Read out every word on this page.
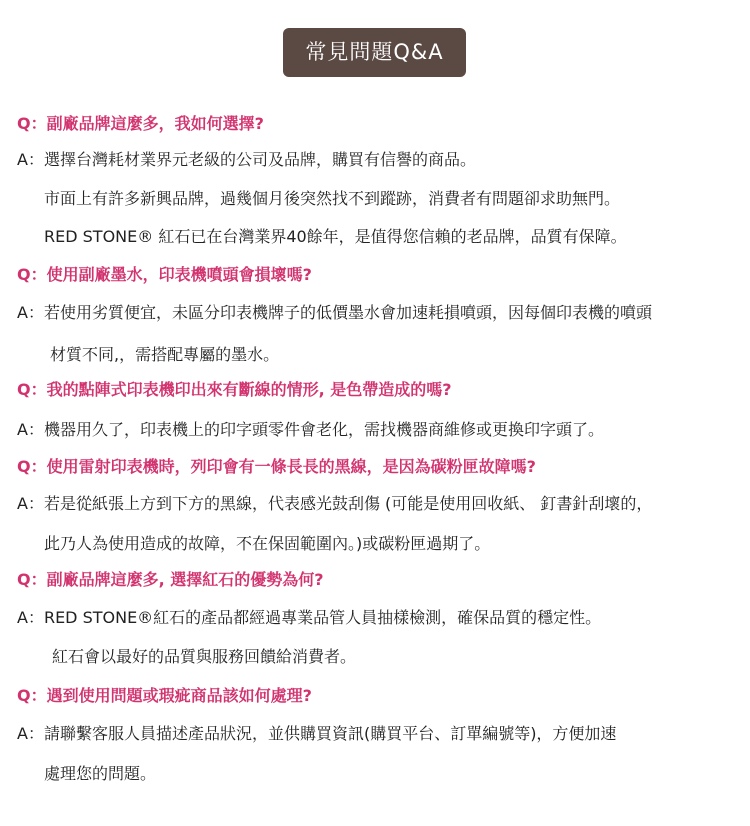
常見問題Q&A
Q：副廠品牌這麼多，我如何選擇?
A：選擇台灣耗材業界元老級的公司及品牌，購買有信譽的商品。
市面上有許多新興品牌，過幾個月後突然找不到蹤跡，消費者有問題卻求助無門。
RED STONE® 紅石已在台灣業界40餘年，是值得您信賴的老品牌，品質有保障。
Q：使用副廠墨水，印表機噴頭會損壞嗎?
A：若使用劣質便宜，未區分印表機牌子的低價墨水會加速耗損噴頭，因每個印表機的噴頭
材質不同,，需搭配專屬的墨水。
Q：我的點陣式印表機印出來有斷線的情形, 是色帶造成的嗎?
A：機器用久了，印表機上的印字頭零件會老化，需找機器商維修或更換印字頭了。
Q：使用雷射印表機時，列印會有一條長長的黑線，是因為碳粉匣故障嗎?
A：若是從紙張上方到下方的黑線，代表感光鼓刮傷 (可能是使用回收紙、 釘書針刮壞的，
此乃人為使用造成的故障，不在保固範圍內。)或碳粉匣過期了。
Q：副廠品牌這麼多, 選擇紅石的優勢為何?
A：RED STONE®紅石的產品都經過專業品管人員抽樣檢測，確保品質的穩定性。
紅石會以最好的品質與服務回饋給消費者。
Q：遇到使用問題或瑕疵商品該如何處理?
A：請聯繫客服人員描述產品狀況，並供購買資訊(購買平台、訂單編號等)，方便加速
處理您的問題。
